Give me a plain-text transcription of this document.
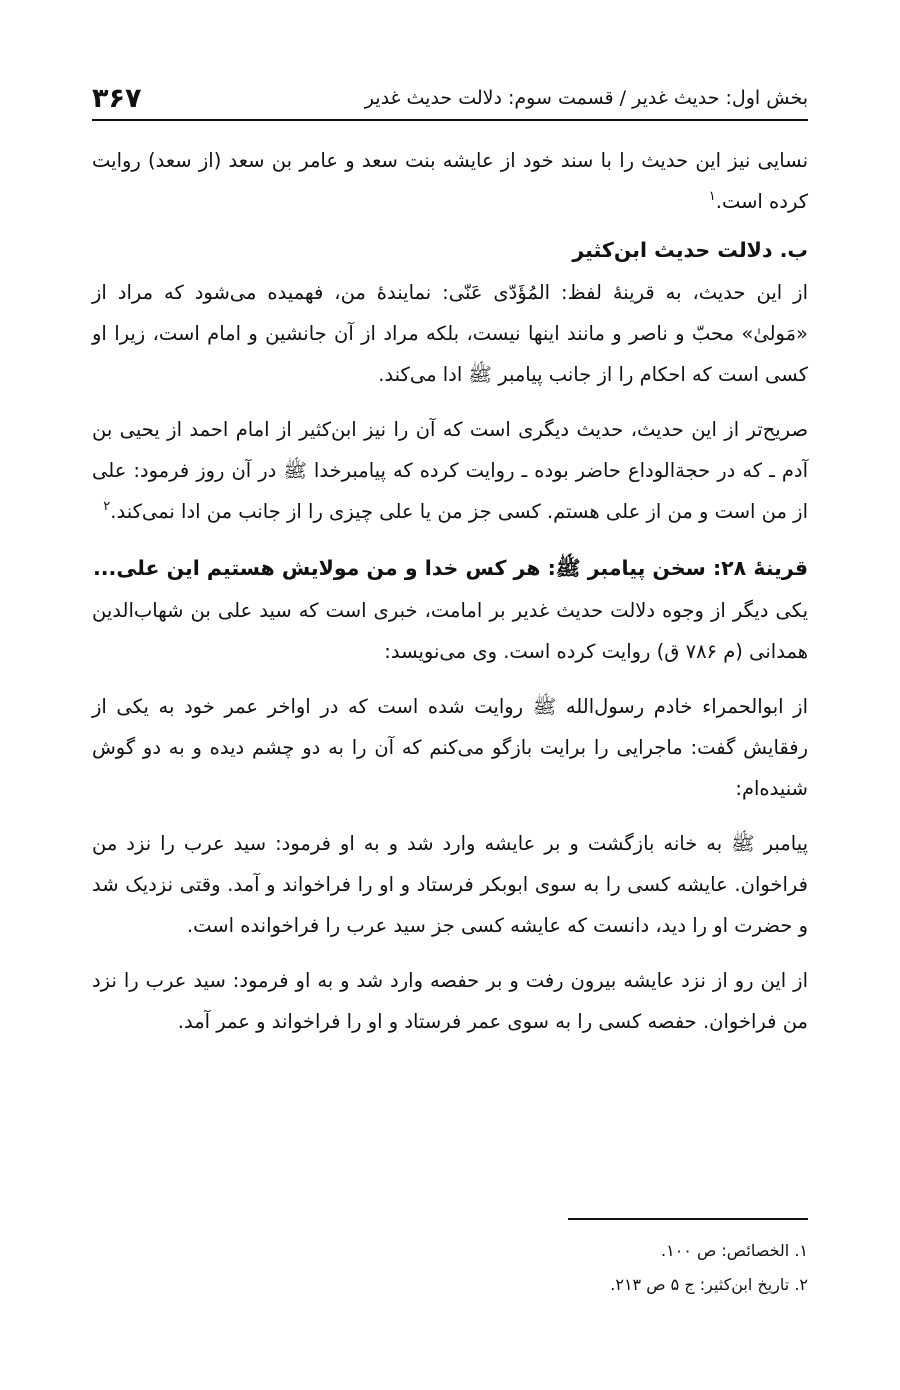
بخش اول: حدیث غدیر / قسمت سوم: دلالت حدیث غدیر
۳۶۷

نسایی نیز این حدیث را با سند خود از عایشه بنت سعد و عامر بن سعد (از سعد) روایت کرده است.$^۱$

ب. دلالت حدیث ابن‌کثیر

از این حدیث، به قرینهٔ لفظ: المُؤَدّی عَنّی: نمایندهٔ من، فهمیده می‌شود که مراد از «مَولیٰ» محبّ و ناصر و مانند اینها نیست، بلکه مراد از آن جانشین و امام است، زیرا او کسی است که احکام را از جانب پیامبر ﷺ ادا می‌کند.

صریح‌تر از این حدیث، حدیث دیگری است که آن را نیز ابن‌کثیر از امام احمد از یحیی بن آدم ـ که در حجة‌الوداع حاضر بوده ـ روایت کرده که پیامبرخدا ﷺ در آن روز فرمود: علی از من است و من از علی هستم. کسی جز من یا علی چیزی را از جانب من ادا نمی‌کند.$^۲$

قرینهٔ ۲۸: سخن پیامبر ﷺ: هر کس خدا و من مولایش هستیم این علی...

یکی دیگر از وجوه دلالت حدیث غدیر بر امامت، خبری است که سید علی بن شهاب‌الدین همدانی (م ۷۸۶ ق) روایت کرده است. وی می‌نویسد:

از ابوالحمراء خادم رسول‌الله ﷺ روایت شده است که در اواخر عمر خود به یکی از رفقایش گفت: ماجرایی را برایت بازگو می‌کنم که آن را به دو چشم دیده و به دو گوش شنیده‌ام:

پیامبر ﷺ به خانه بازگشت و بر عایشه وارد شد و به او فرمود: سید عرب را نزد من فراخوان. عایشه کسی را به سوی ابوبکر فرستاد و او را فراخواند و آمد. وقتی نزدیک شد و حضرت او را دید، دانست که عایشه کسی جز سید عرب را فراخوانده است.

از این رو از نزد عایشه بیرون رفت و بر حفصه وارد شد و به او فرمود: سید عرب را نزد من فراخوان. حفصه کسی را به سوی عمر فرستاد و او را فراخواند و عمر آمد.

۱. الخصائص: ص ۱۰۰.
۲. تاریخ ابن‌کثیر: ج ۵ ص ۲۱۳.
